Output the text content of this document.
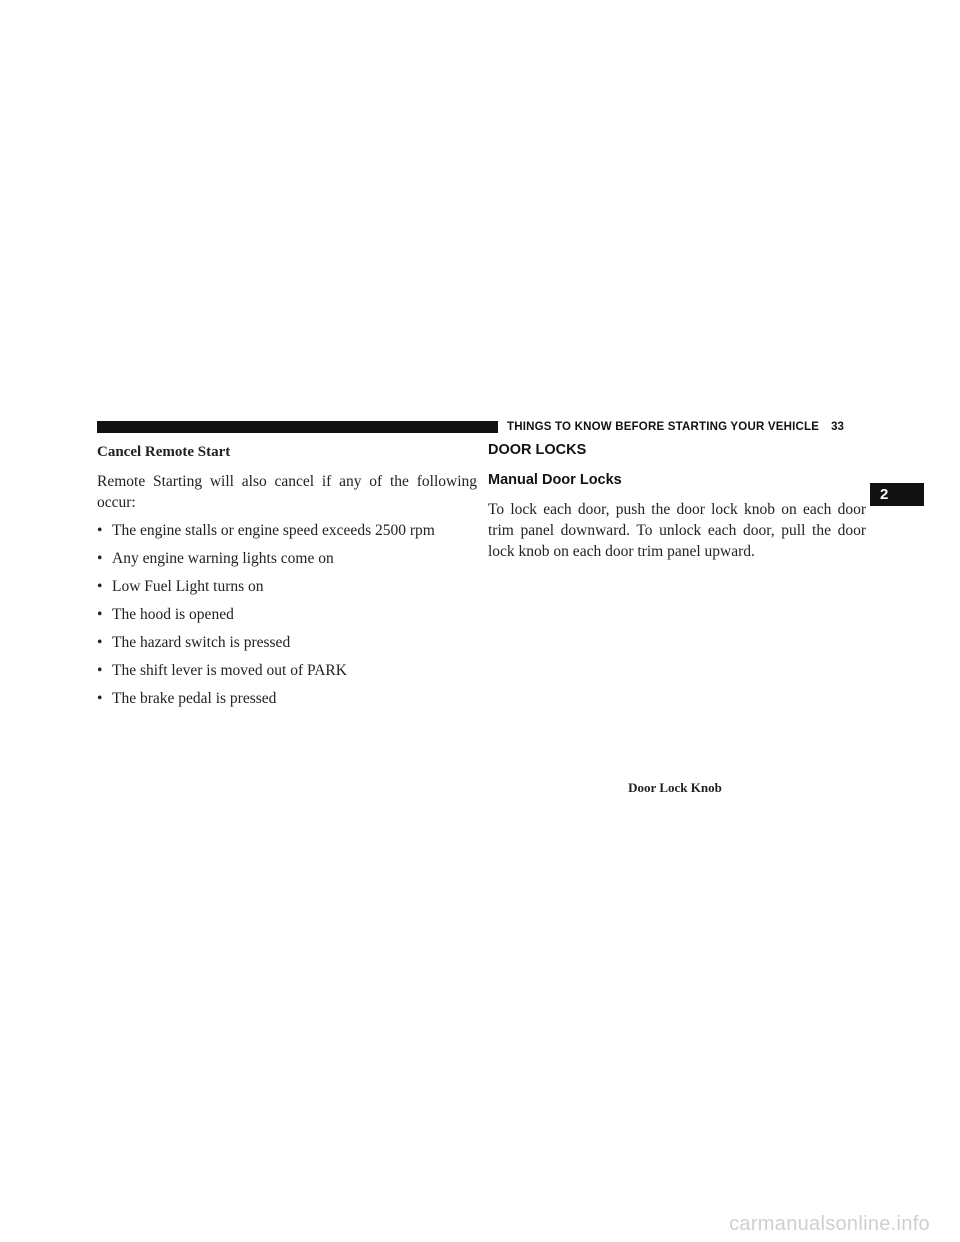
THINGS TO KNOW BEFORE STARTING YOUR VEHICLE 33
2

Cancel Remote Start

Remote Starting will also cancel if any of the following occur:

• The engine stalls or engine speed exceeds 2500 rpm
• Any engine warning lights come on
• Low Fuel Light turns on
• The hood is opened
• The hazard switch is pressed
• The shift lever is moved out of PARK
• The brake pedal is pressed

DOOR LOCKS

Manual Door Locks

To lock each door, push the door lock knob on each door trim panel downward. To unlock each door, pull the door lock knob on each door trim panel upward.

Door Lock Knob
carmanualsonline.info
